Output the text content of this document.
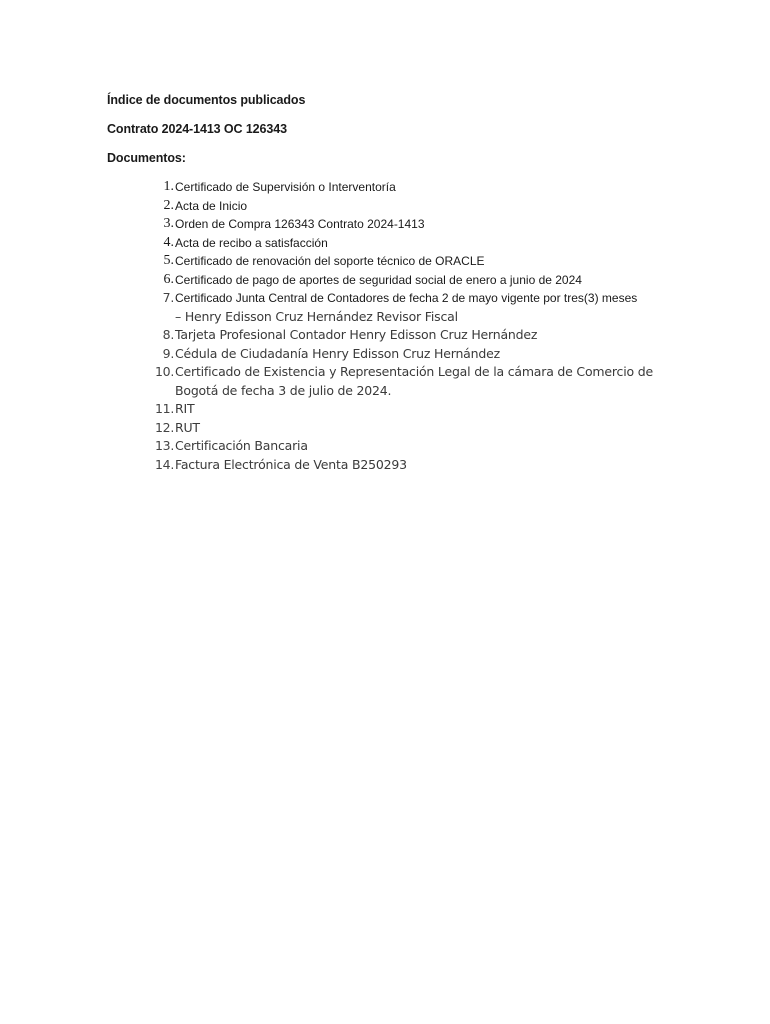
Índice de documentos publicados
Contrato 2024-1413 OC 126343
Documentos:
1. Certificado de Supervisión o Interventoría
2. Acta de Inicio
3. Orden de Compra 126343 Contrato 2024-1413
4. Acta de recibo a satisfacción
5. Certificado de renovación del soporte técnico de ORACLE
6. Certificado de pago de aportes de seguridad social de enero a junio de 2024
7. Certificado Junta Central de Contadores de fecha 2 de mayo vigente por tres(3) meses
– Henry Edisson Cruz Hernández Revisor Fiscal
8. Tarjeta Profesional Contador Henry Edisson Cruz Hernández
9. Cédula de Ciudadanía Henry Edisson Cruz Hernández
10. Certificado de Existencia y Representación Legal de la cámara de Comercio de
Bogotá de fecha 3 de julio de 2024.
11. RIT
12. RUT
13. Certificación Bancaria
14. Factura Electrónica de Venta B250293
